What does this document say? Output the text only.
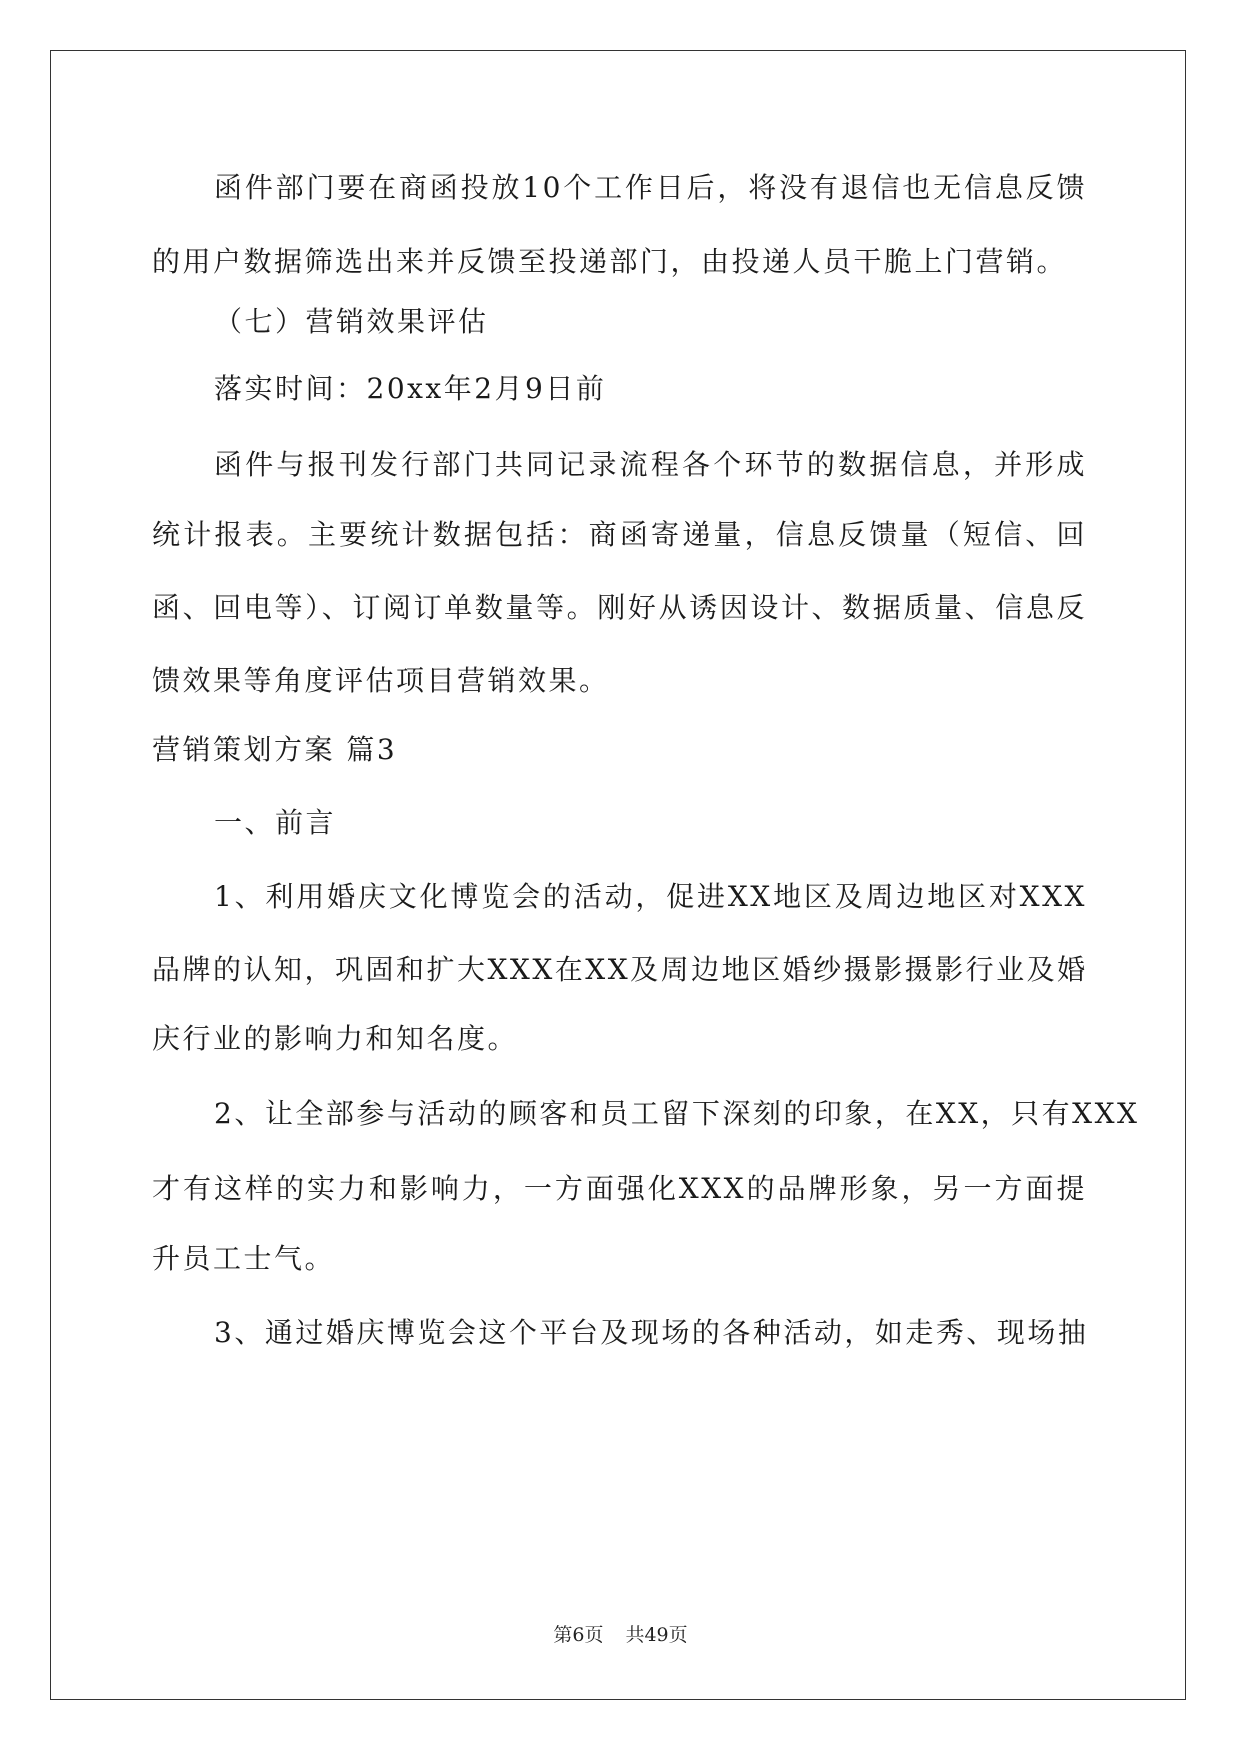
函件部门要在商函投放10个工作日后，将没有退信也无信息反馈
的用户数据筛选出来并反馈至投递部门，由投递人员干脆上门营销。
（七）营销效果评估
落实时间：20xx年2月9日前
函件与报刊发行部门共同记录流程各个环节的数据信息，并形成
统计报表。主要统计数据包括：商函寄递量，信息反馈量（短信、回
函、回电等）、订阅订单数量等。刚好从诱因设计、数据质量、信息反
馈效果等角度评估项目营销效果。
营销策划方案 篇3
一、前言
1、利用婚庆文化博览会的活动，促进XX地区及周边地区对XXX
品牌的认知，巩固和扩大XXX在XX及周边地区婚纱摄影摄影行业及婚
庆行业的影响力和知名度。
2、让全部参与活动的顾客和员工留下深刻的印象，在XX，只有XXX
才有这样的实力和影响力，一方面强化XXX的品牌形象，另一方面提
升员工士气。
3、通过婚庆博览会这个平台及现场的各种活动，如走秀、现场抽
第6页 共49页
